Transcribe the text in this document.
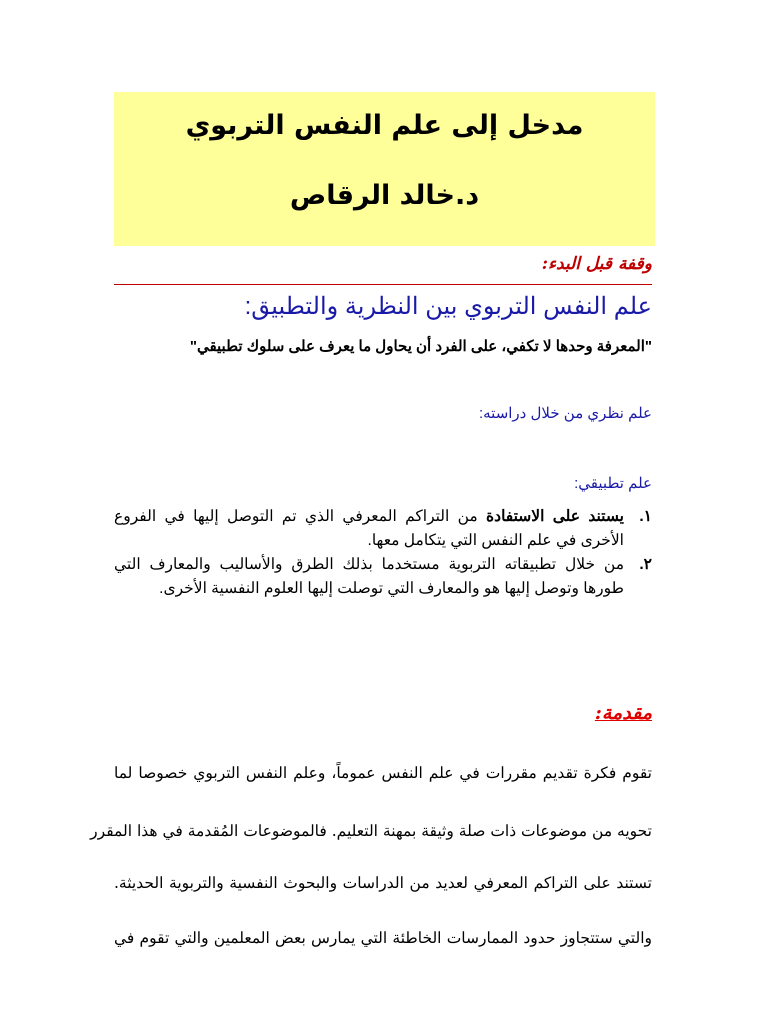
مدخل إلى علم النفس التربوي
د.خالد الرقاص
وقفة قبل البدء:
علم النفس التربوي بين النظرية والتطبيق:
"المعرفة وحدها لا تكفي، على الفرد أن يحاول ما يعرف على سلوك تطبيقي"
علم نظري من خلال دراسته:
علم تطبيقي:
١.
يستند على الاستفادة من التراكم المعرفي الذي تم التوصل إليها في الفروع الأخرى في علم النفس التي يتكامل معها.
٢.
من خلال تطبيقاته التربوية مستخدما بذلك الطرق والأساليب والمعارف التي طورها وتوصل إليها هو والمعارف التي توصلت إليها العلوم النفسية الأخرى.
مقدمة:
تقوم فكرة تقديم مقررات في علم النفس عموماً، وعلم النفس التربوي خصوصا لما
تحويه من موضوعات ذات صلة وثيقة بمهنة التعليم. فالموضوعات المُقدمة في هذا المقرر
تستند على التراكم المعرفي لعديد من الدراسات والبحوث النفسية والتربوية الحديثة.
والتي ستتجاوز حدود الممارسات الخاطئة التي يمارس بعض المعلمين والتي تقوم في
